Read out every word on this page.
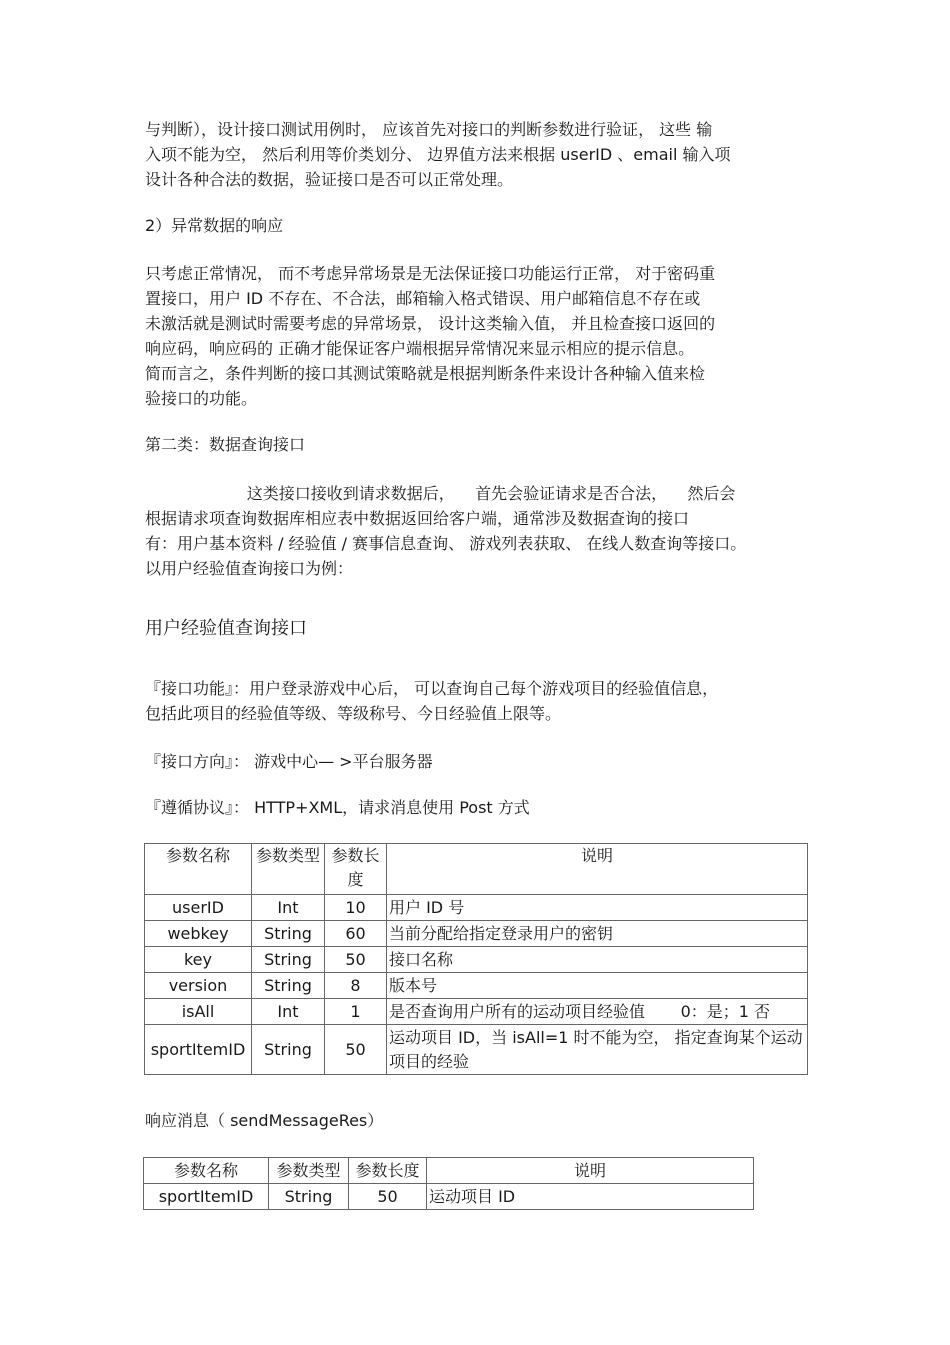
与判断），设计接口测试用例时， 应该首先对接口的判断参数进行验证， 这些 输
入项不能为空， 然后利用等价类划分、 边界值方法来根据 userID 、email 输入项
设计各种合法的数据，验证接口是否可以正常处理。

2）异常数据的响应

只考虑正常情况， 而不考虑异常场景是无法保证接口功能运行正常， 对于密码重
置接口，用户 ID 不存在、不合法，邮箱输入格式错误、用户邮箱信息不存在或
未激活就是测试时需要考虑的异常场景， 设计这类输入值， 并且检查接口返回的
响应码，响应码的 正确才能保证客户端根据异常情况来显示相应的提示信息。
简而言之，条件判断的接口其测试策略就是根据判断条件来设计各种输入值来检
验接口的功能。

第二类：数据查询接口

这类接口接收到请求数据后，    首先会验证请求是否合法，    然后会
根据请求项查询数据库相应表中数据返回给客户端，通常涉及数据查询的接口
有：用户基本资料 / 经验值 / 赛事信息查询、 游戏列表获取、 在线人数查询等接口。
以用户经验值查询接口为例：

用户经验值查询接口

『接口功能』：用户登录游戏中心后， 可以查询自己每个游戏项目的经验值信息，
包括此项目的经验值等级、等级称号、今日经验值上限等。

『接口方向』： 游戏中心— >平台服务器

『遵循协议』： HTTP+XML，请求消息使用 Post 方式

参数名称	参数类型	参数长度	说明
userID	Int	10	用户 ID 号
webkey	String	60	当前分配给指定登录用户的密钥
key	String	50	接口名称
version	String	8	版本号
isAll	Int	1	是否查询用户所有的运动项目经验值       0：是；1 否
sportItemID	String	50	运动项目 ID，当 isAll=1 时不能为空， 指定查询某个运动项目的经验

响应消息（ sendMessageRes）

参数名称	参数类型	参数长度	说明
sportItemID	String	50	运动项目 ID
